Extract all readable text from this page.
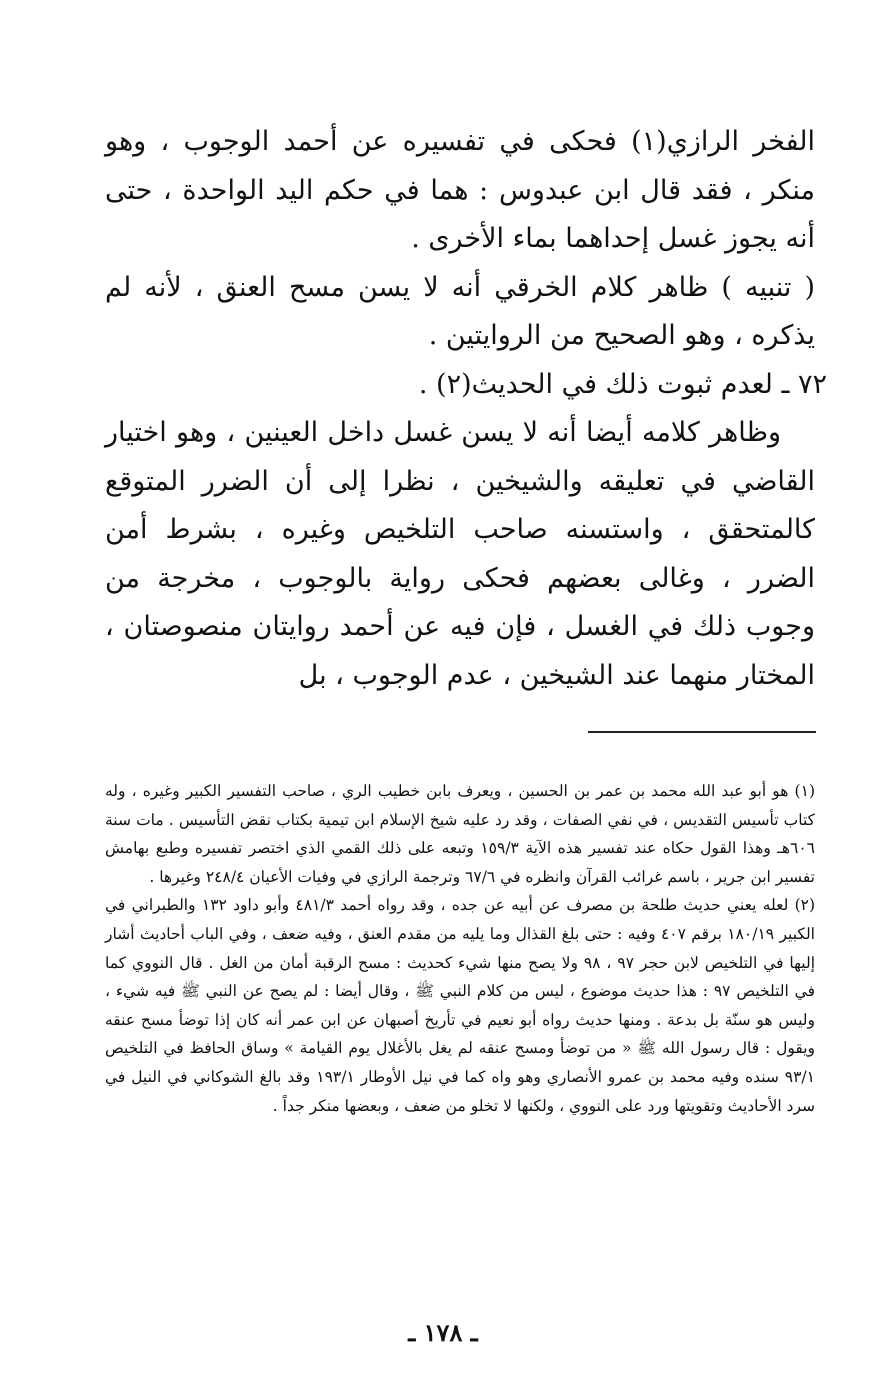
الفخر الرازي(١) فحكى في تفسيره عن أحمد الوجوب ، وهو منكر ، فقد قال ابن عبدوس : هما في حكم اليد الواحدة ، حتى أنه يجوز غسل إحداهما بماء الأخرى .

( تنبيه ) ظاهر كلام الخرقي أنه لا يسن مسح العنق ، لأنه لم يذكره ، وهو الصحيح من الروايتين .

٧٢ ـ لعدم ثبوت ذلك في الحديث(٢) .

وظاهر كلامه أيضا أنه لا يسن غسل داخل العينين ، وهو اختيار القاضي في تعليقه والشيخين ، نظرا إلى أن الضرر المتوقع كالمتحقق ، واستسنه صاحب التلخيص وغيره ، بشرط أمن الضرر ، وغالى بعضهم فحكى رواية بالوجوب ، مخرجة من وجوب ذلك في الغسل ، فإن فيه عن أحمد روايتان منصوصتان ، المختار منهما عند الشيخين ، عدم الوجوب ، بل

(١) هو أبو عبد الله محمد بن عمر بن الحسين ، ويعرف بابن خطيب الري ، صاحب التفسير الكبير وغيره ، وله كتاب تأسيس التقديس ، في نفي الصفات ، وقد رد عليه شيخ الإسلام ابن تيمية بكتاب نقض التأسيس . مات سنة ٦٠٦هـ وهذا القول حكاه عند تفسير هذه الآية ١٥٩/٣ وتبعه على ذلك القمي الذي اختصر تفسيره وطبع بهامش تفسير ابن جرير ، باسم غرائب القرآن وانظره في ٦٧/٦ وترجمة الرازي في وفيات الأعيان ٢٤٨/٤ وغيرها .

(٢) لعله يعني حديث طلحة بن مصرف عن أبيه عن جده ، وقد رواه أحمد ٤٨١/٣ وأبو داود ١٣٢ والطبراني في الكبير ١٨٠/١٩ برقم ٤٠٧ وفيه : حتى بلغ القذال وما يليه من مقدم العنق ، وفيه ضعف ، وفي الباب أحاديث أشار إليها في التلخيص لابن حجر ٩٧ ، ٩٨ ولا يصح منها شيء كحديث : مسح الرقبة أمان من الغل . قال النووي كما في التلخيص ٩٧ : هذا حديث موضوع ، ليس من كلام النبي ﷺ ، وقال أيضا : لم يصح عن النبي ﷺ فيه شيء ، وليس هو سنّة بل بدعة . ومنها حديث رواه أبو نعيم في تأريخ أصبهان عن ابن عمر أنه كان إذا توضأ مسح عنقه ويقول : قال رسول الله ﷺ « من توضأ ومسح عنقه لم يغل بالأغلال يوم القيامة » وساق الحافظ في التلخيص ٩٣/١ سنده وفيه محمد بن عمرو الأنصاري وهو واه كما في نيل الأوطار ١٩٣/١ وقد بالغ الشوكاني في النيل في سرد الأحاديث وتقويتها ورد على النووي ، ولكنها لا تخلو من ضعف ، وبعضها منكر جداً .

ـ ١٧٨ ـ
